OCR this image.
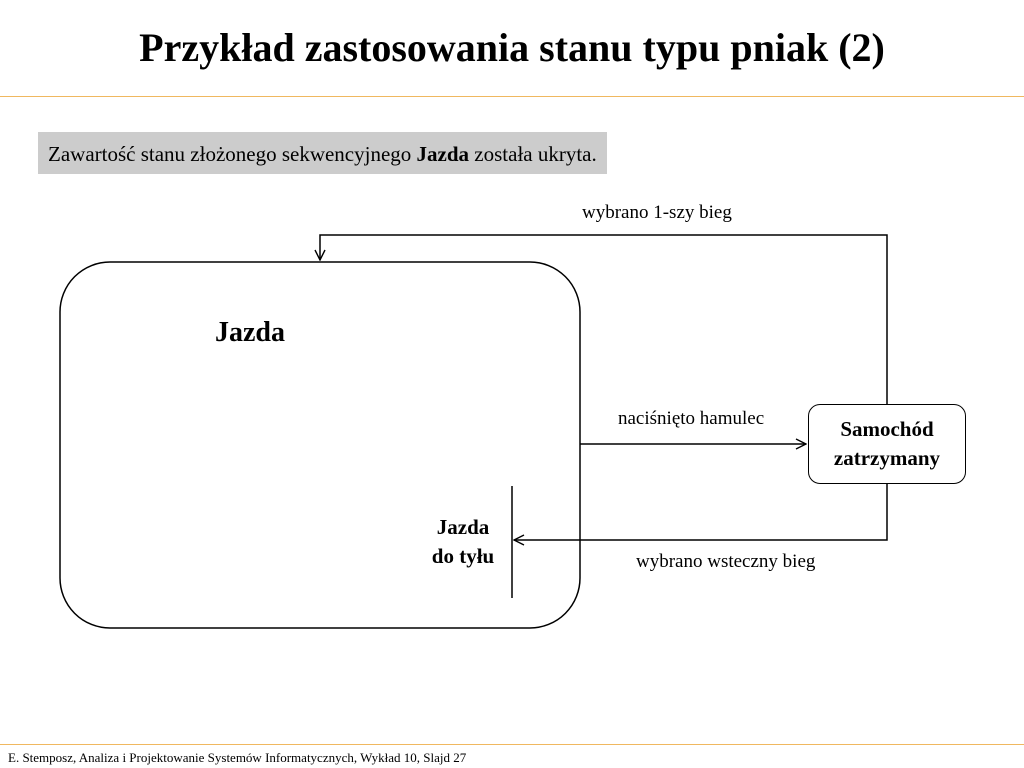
Przykład zastosowania stanu typu pniak (2)
Zawartość stanu złożonego sekwencyjnego Jazda została ukryta.
Jazda
Jazda
do tyłu
Samochód
zatrzymany
wybrano 1-szy bieg
naciśnięto hamulec
wybrano wsteczny bieg
E. Stemposz, Analiza i Projektowanie Systemów Informatycznych, Wykład 10, Slajd 27
